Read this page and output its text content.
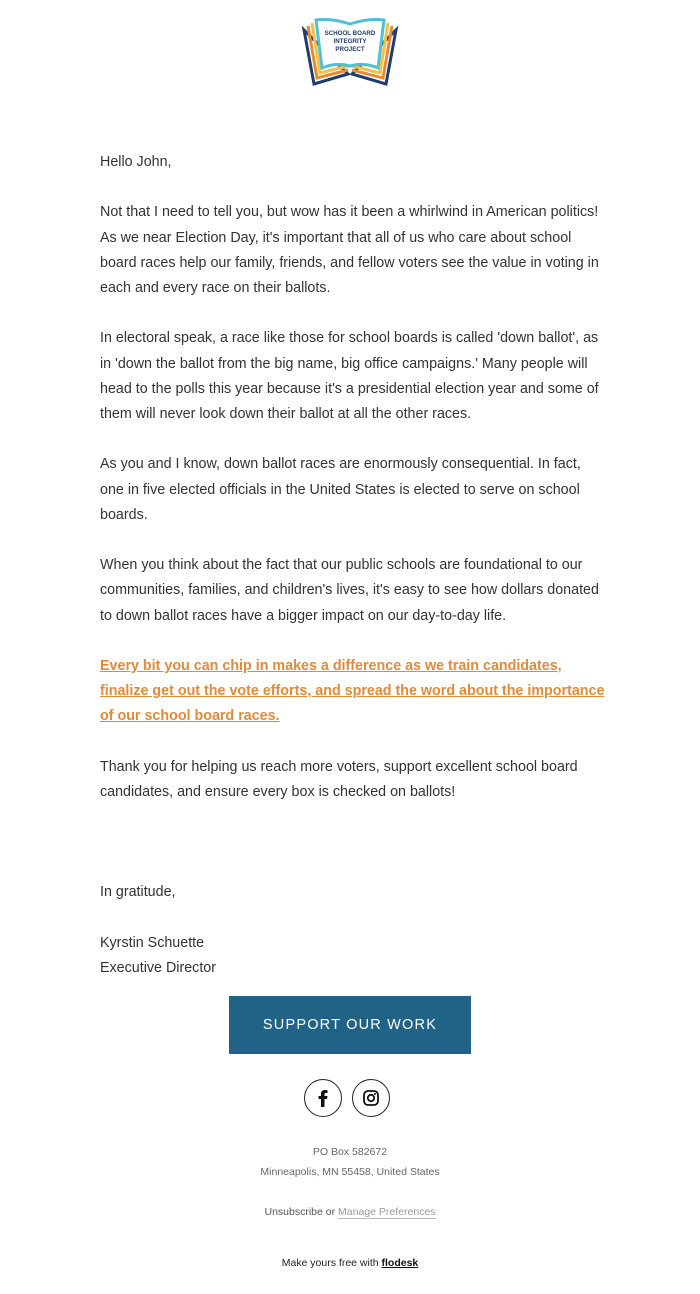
SCHOOL BOARD
INTEGRITY
PROJECT

Hello John,

Not that I need to tell you, but wow has it been a whirlwind in American politics! As we near Election Day, it's important that all of us who care about school board races help our family, friends, and fellow voters see the value in voting in each and every race on their ballots.

In electoral speak, a race like those for school boards is called 'down ballot', as in 'down the ballot from the big name, big office campaigns.' Many people will head to the polls this year because it's a presidential election year and some of them will never look down their ballot at all the other races.

As you and I know, down ballot races are enormously consequential. In fact, one in five elected officials in the United States is elected to serve on school boards.

When you think about the fact that our public schools are foundational to our communities, families, and children's lives, it's easy to see how dollars donated to down ballot races have a bigger impact on our day-to-day life.

Every bit you can chip in makes a difference as we train candidates, finalize get out the vote efforts, and spread the word about the importance of our school board races.

Thank you for helping us reach more voters, support excellent school board candidates, and ensure every box is checked on ballots!

In gratitude,

Kyrstin Schuette
Executive Director

SUPPORT OUR WORK
PO Box 582672
Minneapolis, MN 55458, United States
Unsubscribe or Manage Preferences
Make yours free with flodesk
